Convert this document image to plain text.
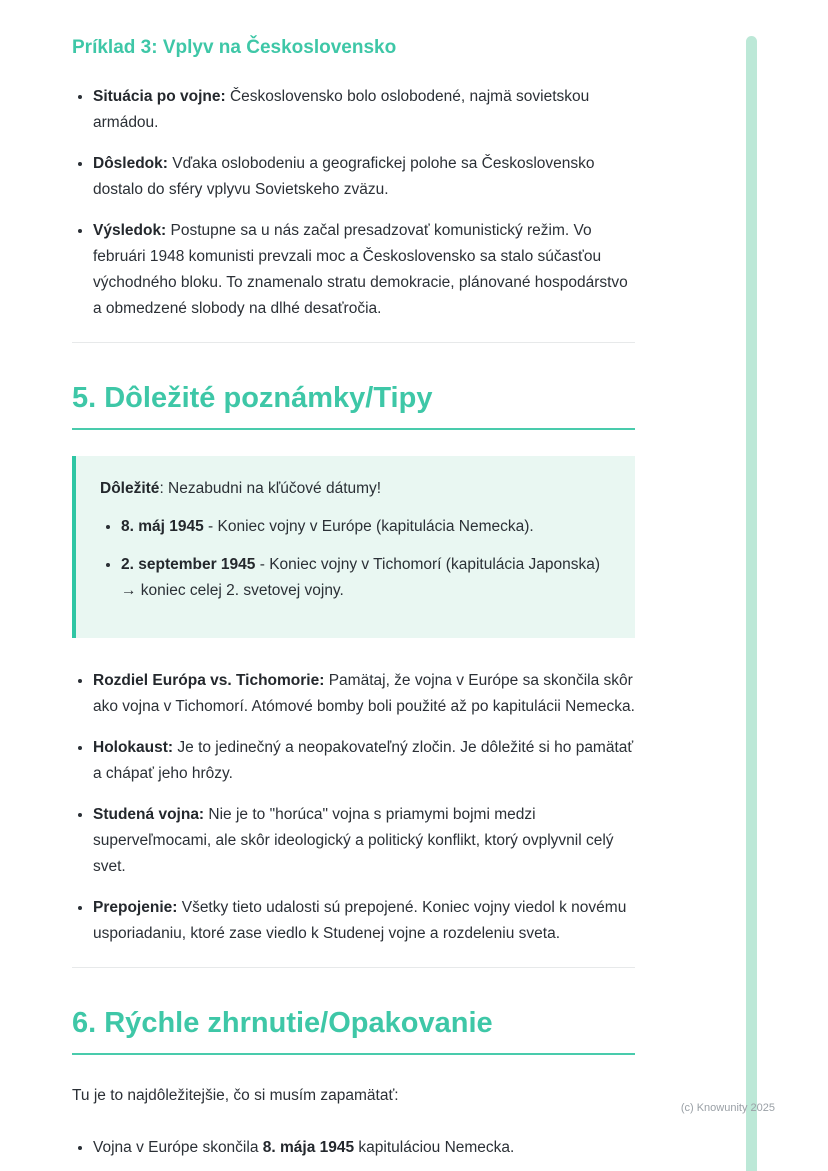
Príklad 3: Vplyv na Československo
• Situácia po vojne: Československo bolo oslobodené, najmä sovietskou armádou.
• Dôsledok: Vďaka oslobodeniu a geografickej polohe sa Československo dostalo do sféry vplyvu Sovietskeho zväzu.
• Výsledok: Postupne sa u nás začal presadzovať komunistický režim. Vo februári 1948 komunisti prevzali moc a Československo sa stalo súčasťou východného bloku. To znamenalo stratu demokracie, plánované hospodárstvo a obmedzené slobody na dlhé desaťročia.
5. Dôležité poznámky/Tipy
Dôležité: Nezabudni na kľúčové dátumy!
• 8. máj 1945 - Koniec vojny v Európe (kapitulácia Nemecka).
• 2. september 1945 - Koniec vojny v Tichomorí (kapitulácia Japonska) → koniec celej 2. svetovej vojny.
• Rozdiel Európa vs. Tichomorie: Pamätaj, že vojna v Európe sa skončila skôr ako vojna v Tichomorí. Atómové bomby boli použité až po kapitulácii Nemecka.
• Holokaust: Je to jedinečný a neopakovateľný zločin. Je dôležité si ho pamätať a chápať jeho hrôzy.
• Studená vojna: Nie je to "horúca" vojna s priamymi bojmi medzi superveľmocami, ale skôr ideologický a politický konflikt, ktorý ovplyvnil celý svet.
• Prepojenie: Všetky tieto udalosti sú prepojené. Koniec vojny viedol k novému usporiadaniu, ktoré zase viedlo k Studenej vojne a rozdeleniu sveta.
6. Rýchle zhrnutie/Opakovanie

Tu je to najdôležitejšie, čo si musím zapamätať:

• Vojna v Európe skončila 8. mája 1945 kapituláciou Nemecka.
(c) Knowunity 2025
